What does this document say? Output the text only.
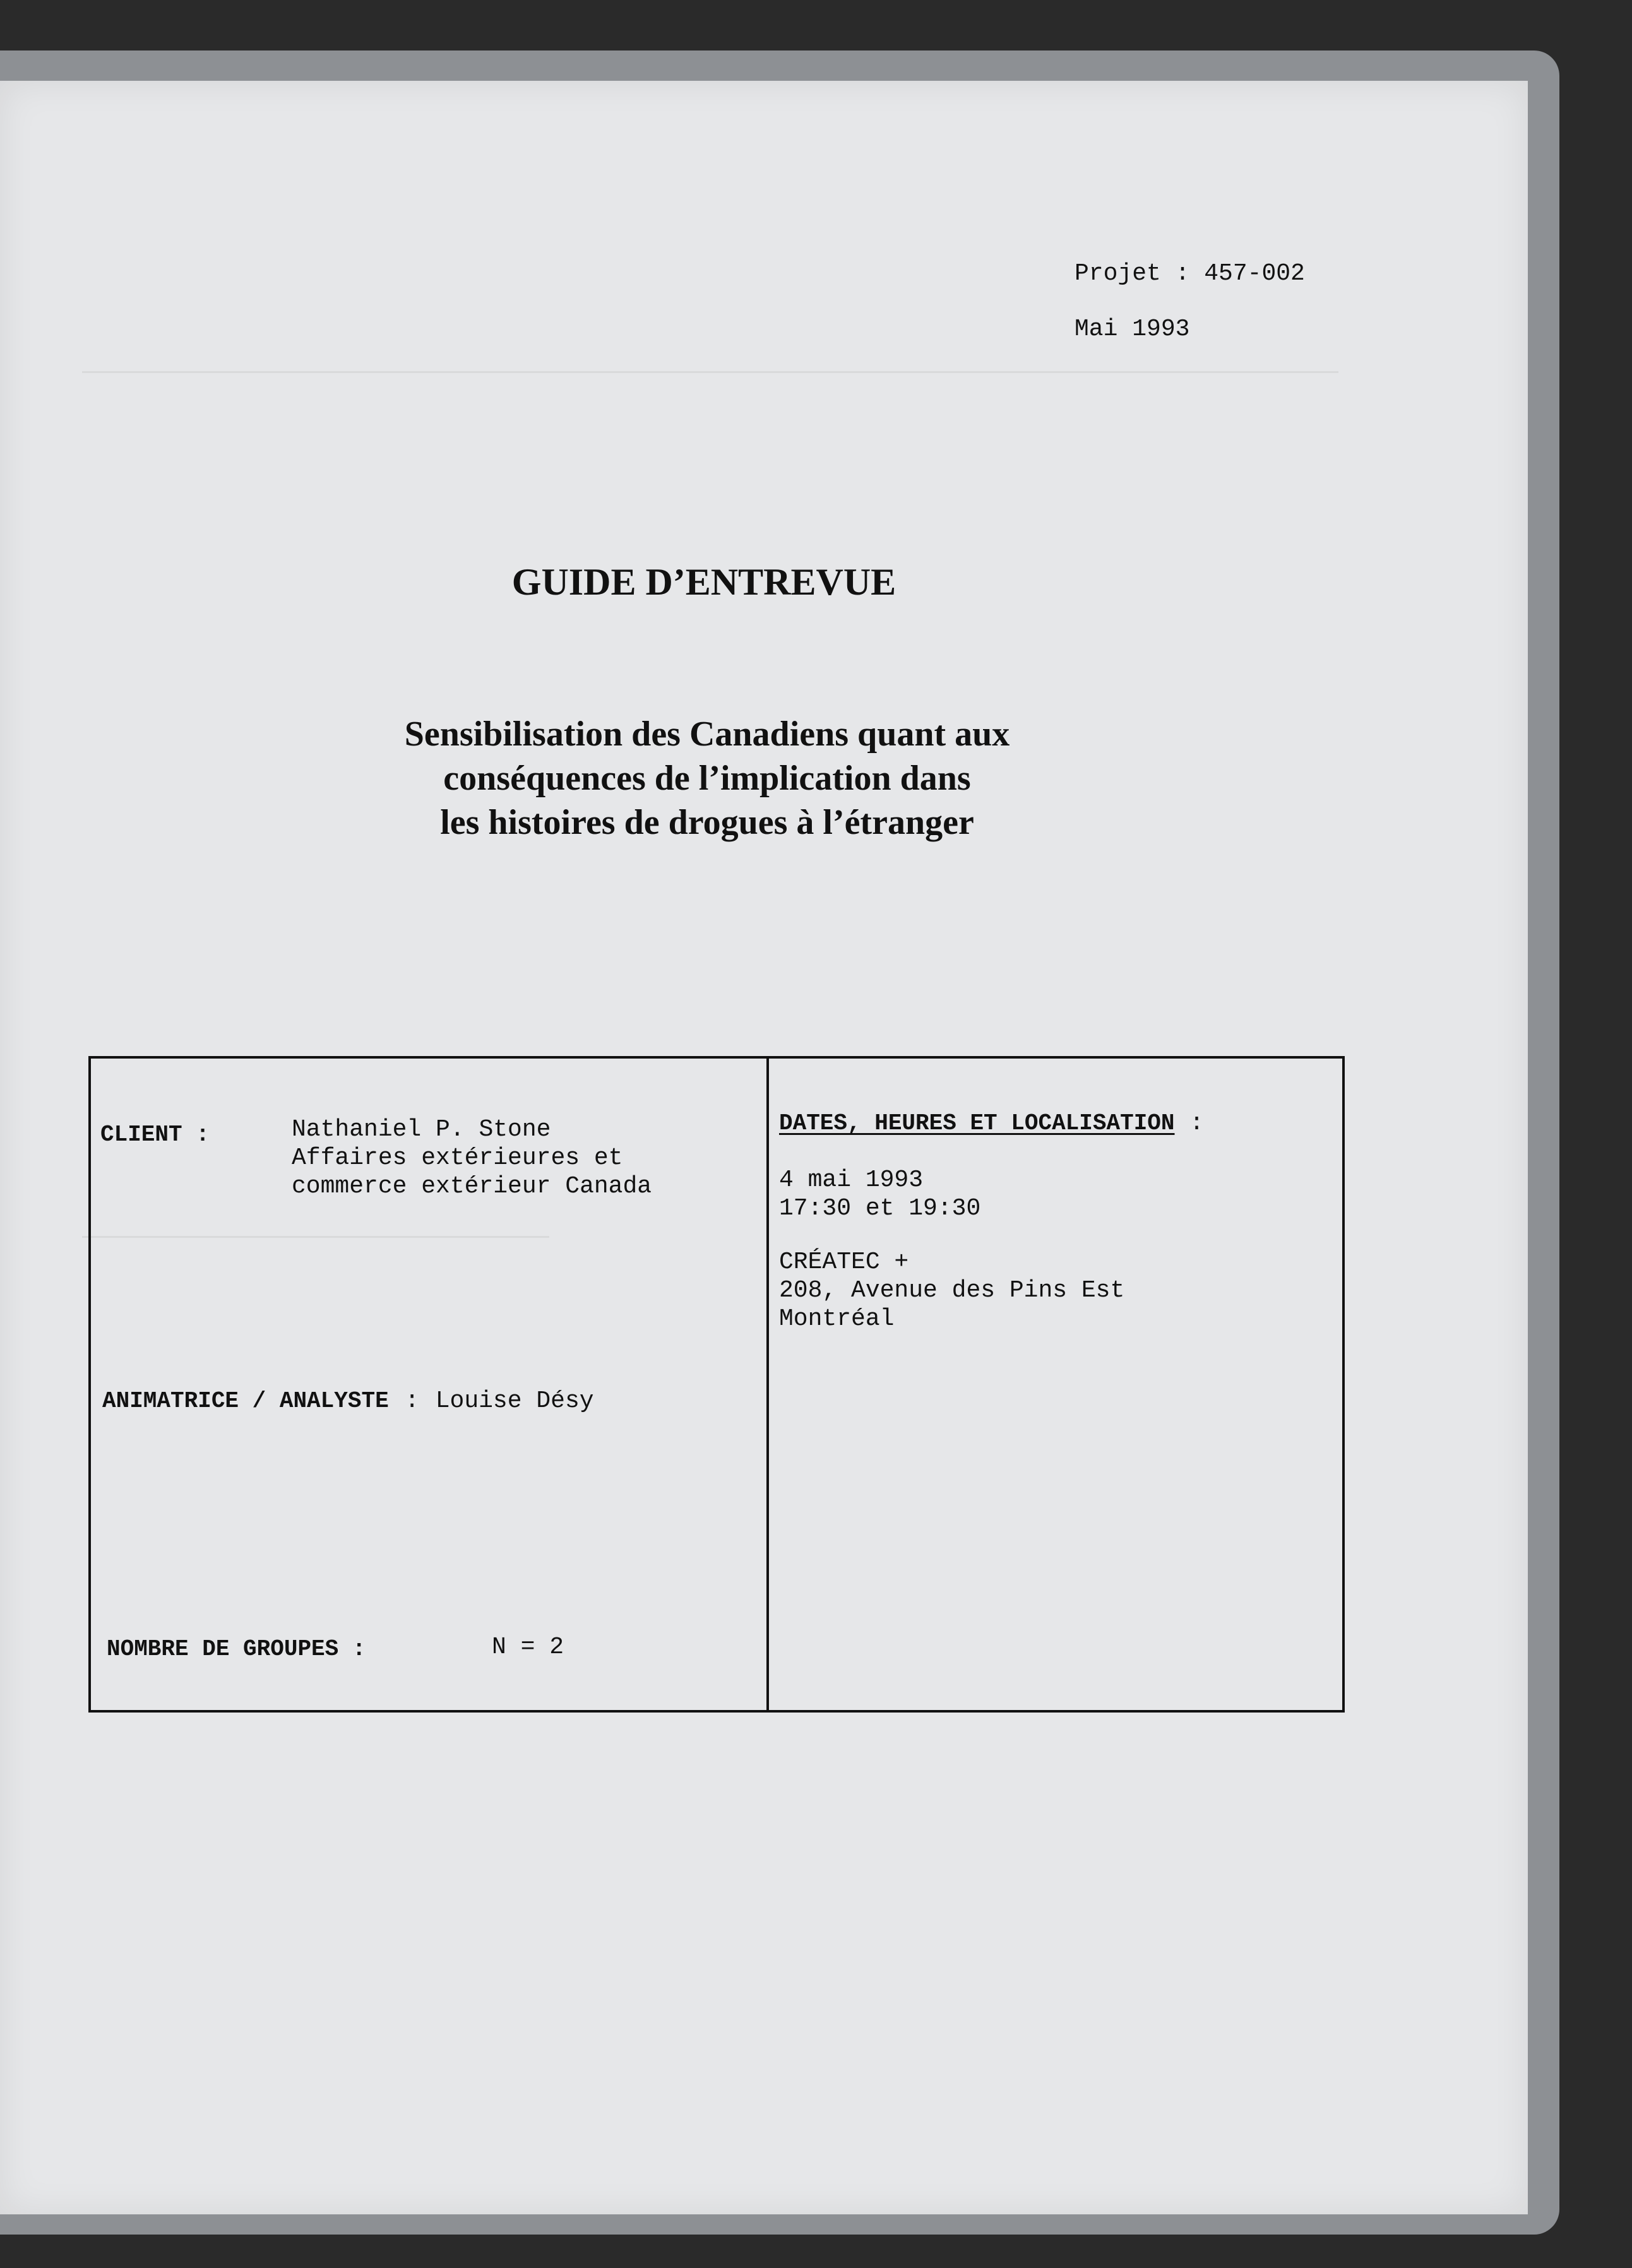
Projet : 457-002
Mai 1993
GUIDE D’ENTREVUE
Sensibilisation des Canadiens quant aux
conséquences de l’implication dans
les histoires de drogues à l’étranger
CLIENT :	Nathaniel P. Stone
Affaires extérieures et
commerce extérieur Canada
ANIMATRICE / ANALYSTE : Louise Désy
NOMBRE DE GROUPES :	N = 2
DATES, HEURES ET LOCALISATION :
4 mai 1993
17:30 et 19:30
CRÉATEC +
208, Avenue des Pins Est
Montréal
